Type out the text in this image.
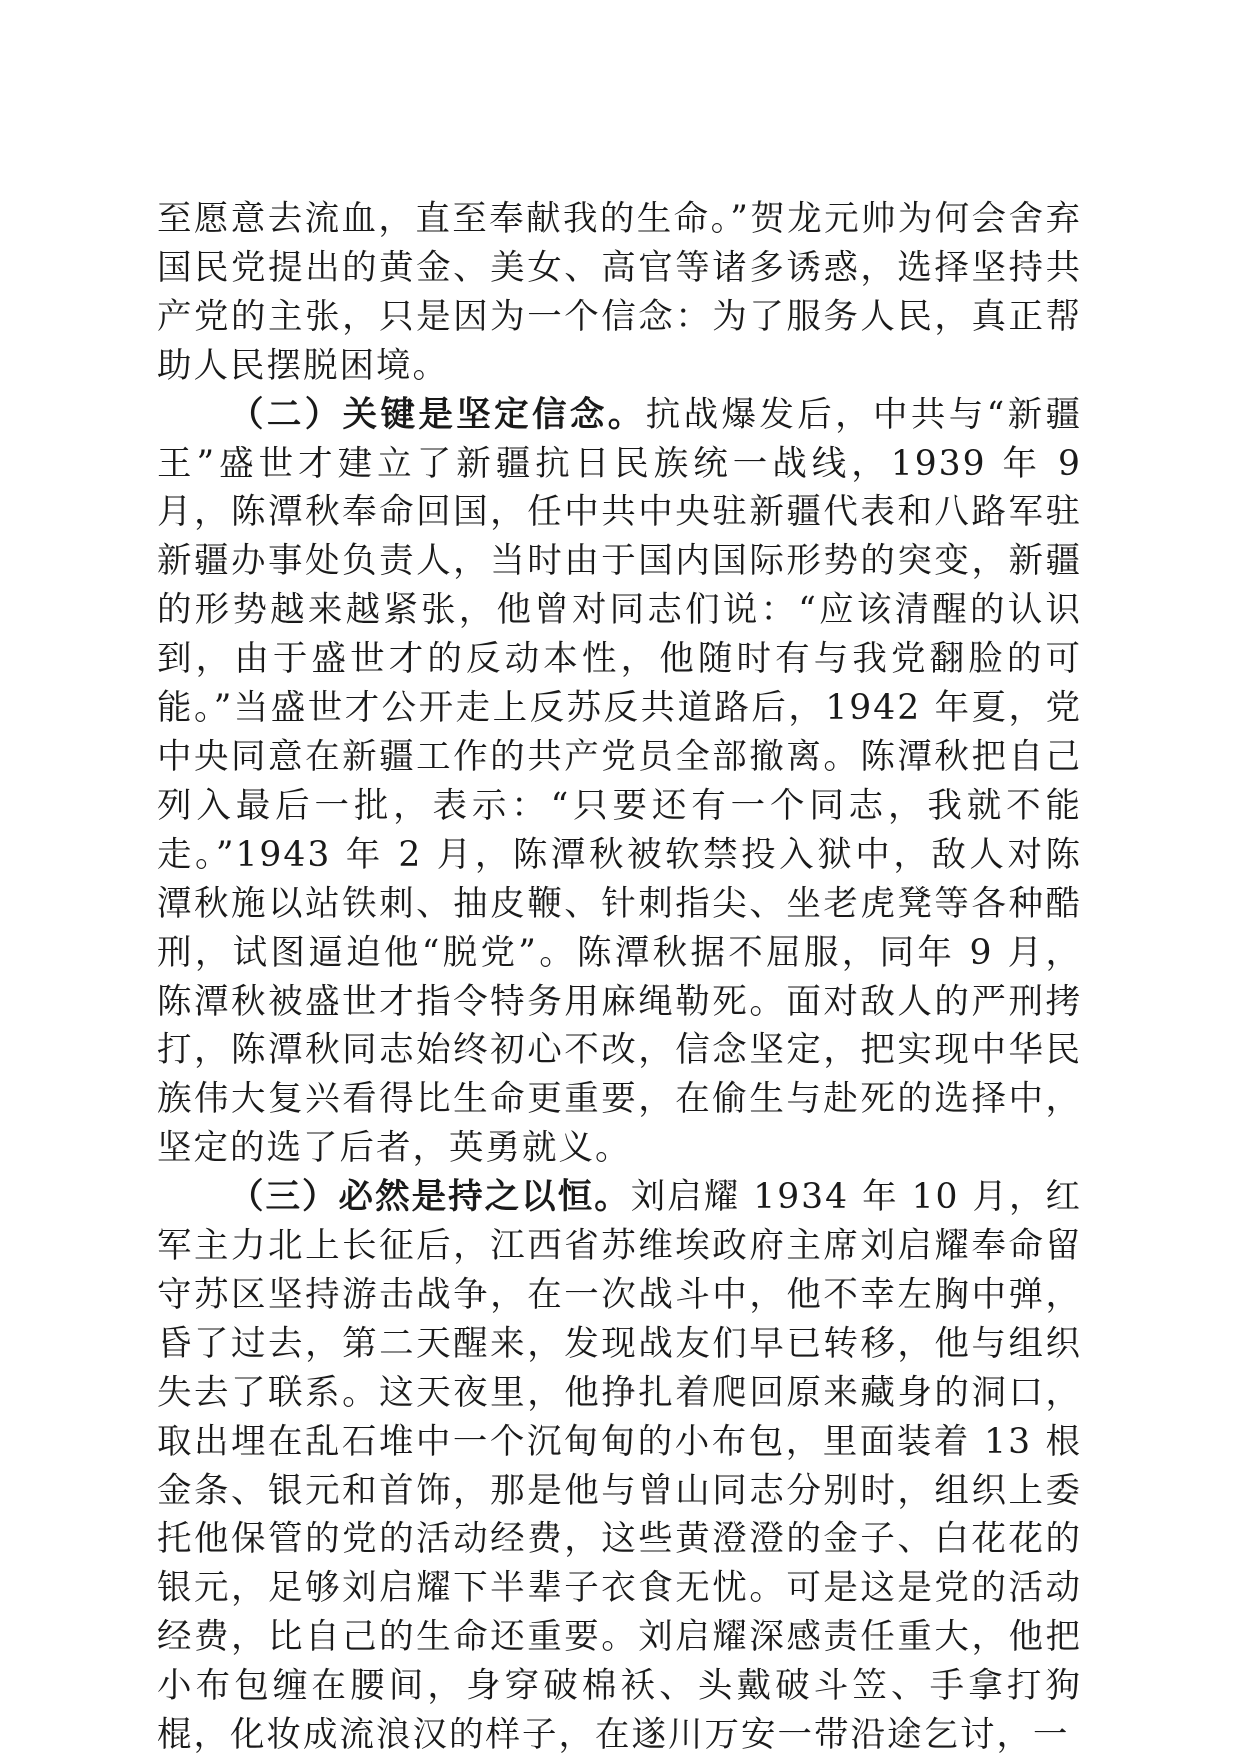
至愿意去流血，直至奉献我的生命。”贺龙元帅为何会舍弃国民党提出的黄金、美女、高官等诸多诱惑，选择坚持共产党的主张，只是因为一个信念：为了服务人民，真正帮助人民摆脱困境。

（二）关键是坚定信念。抗战爆发后，中共与“新疆王”盛世才建立了新疆抗日民族统一战线，1939 年 9 月，陈潭秋奉命回国，任中共中央驻新疆代表和八路军驻新疆办事处负责人，当时由于国内国际形势的突变，新疆的形势越来越紧张，他曾对同志们说：“应该清醒的认识到，由于盛世才的反动本性，他随时有与我党翻脸的可能。”当盛世才公开走上反苏反共道路后，1942 年夏，党中央同意在新疆工作的共产党员全部撤离。陈潭秋把自己列入最后一批，表示：“只要还有一个同志，我就不能走。”1943 年 2 月，陈潭秋被软禁投入狱中，敌人对陈潭秋施以站铁刺、抽皮鞭、针刺指尖、坐老虎凳等各种酷刑，试图逼迫他“脱党”。陈潭秋据不屈服，同年 9 月，陈潭秋被盛世才指令特务用麻绳勒死。面对敌人的严刑拷打，陈潭秋同志始终初心不改，信念坚定，把实现中华民族伟大复兴看得比生命更重要，在偷生与赴死的选择中，坚定的选了后者，英勇就义。

（三）必然是持之以恒。刘启耀 1934 年 10 月，红军主力北上长征后，江西省苏维埃政府主席刘启耀奉命留守苏区坚持游击战争，在一次战斗中，他不幸左胸中弹，昏了过去，第二天醒来，发现战友们早已转移，他与组织失去了联系。这天夜里，他挣扎着爬回原来藏身的洞口，取出埋在乱石堆中一个沉甸甸的小布包，里面装着 13 根金条、银元和首饰，那是他与曾山同志分别时，组织上委托他保管的党的活动经费，这些黄澄澄的金子、白花花的银元，足够刘启耀下半辈子衣食无忧。可是这是党的活动经费，比自己的生命还重要。刘启耀深感责任重大，他把小布包缠在腰间，身穿破棉袄、头戴破斗笠、手拿打狗棍，化妆成流浪汉的样子，在遂川万安一带沿途乞讨，一
